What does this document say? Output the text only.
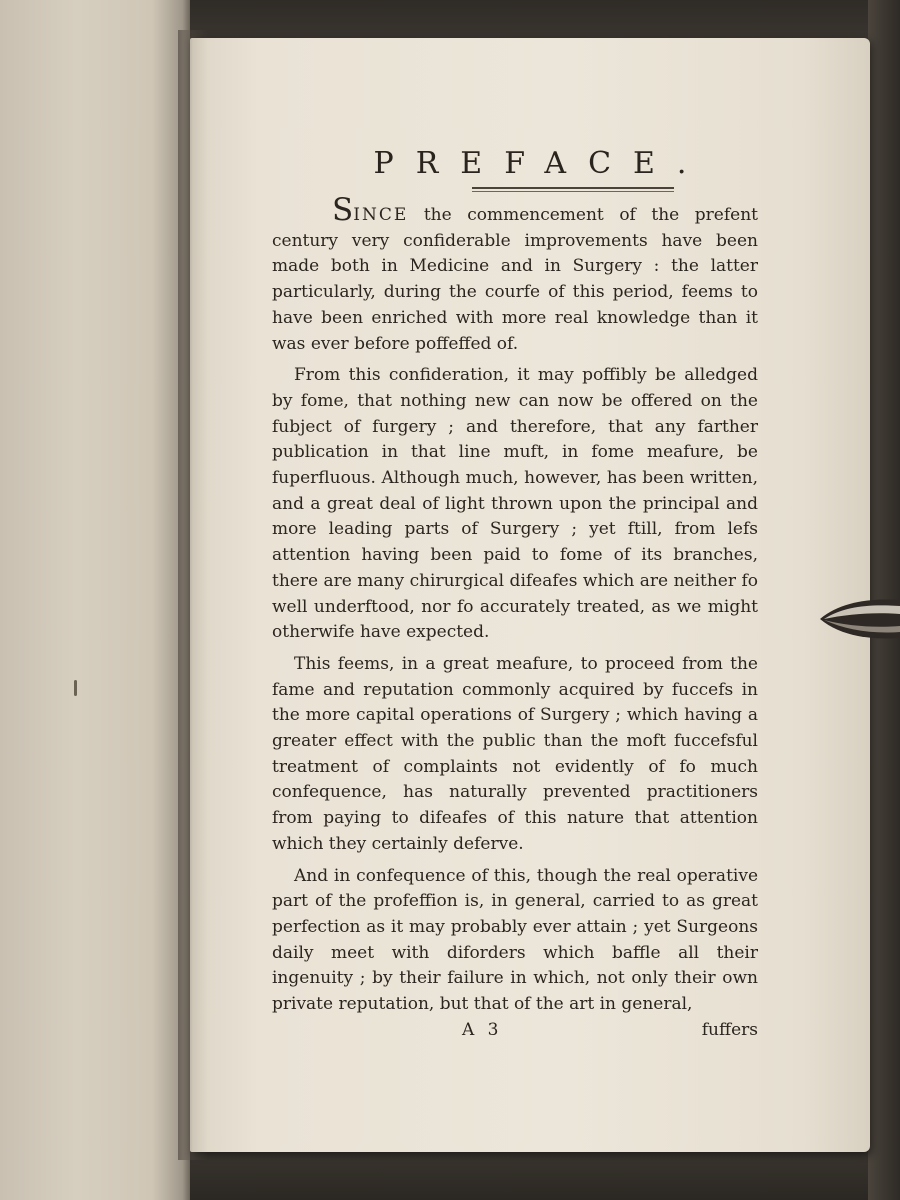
PREFACE.

SINCE the commencement of the prefent century very confiderable improvements have been made both in Medicine and in Surgery : the latter particularly, during the courfe of this period, feems to have been enriched with more real knowledge than it was ever before poffeffed of.

From this confideration, it may poffibly be alledged by fome, that nothing new can now be offered on the fubject of furgery ; and therefore, that any farther publication in that line muft, in fome meafure, be fuperfluous. Although much, however, has been written, and a great deal of light thrown upon the principal and more leading parts of Surgery ; yet ftill, from lefs attention having been paid to fome of its branches, there are many chirurgical difeafes which are neither fo well underftood, nor fo accurately treated, as we might otherwife have expected.

This feems, in a great meafure, to proceed from the fame and reputation commonly acquired by fuccefs in the more capital operations of Surgery ; which having a greater effect with the public than the moft fuccefsful treatment of complaints not evidently of fo much confequence, has naturally prevented practitioners from paying to difeafes of this nature that attention which they certainly deferve.

And in confequence of this, though the real operative part of the profeffion is, in general, carried to as great perfection as it may probably ever attain ; yet Surgeons daily meet with diforders which baffle all their ingenuity ; by their failure in which, not only their own private reputation, but that of the art in general,

A 3	fuffers
